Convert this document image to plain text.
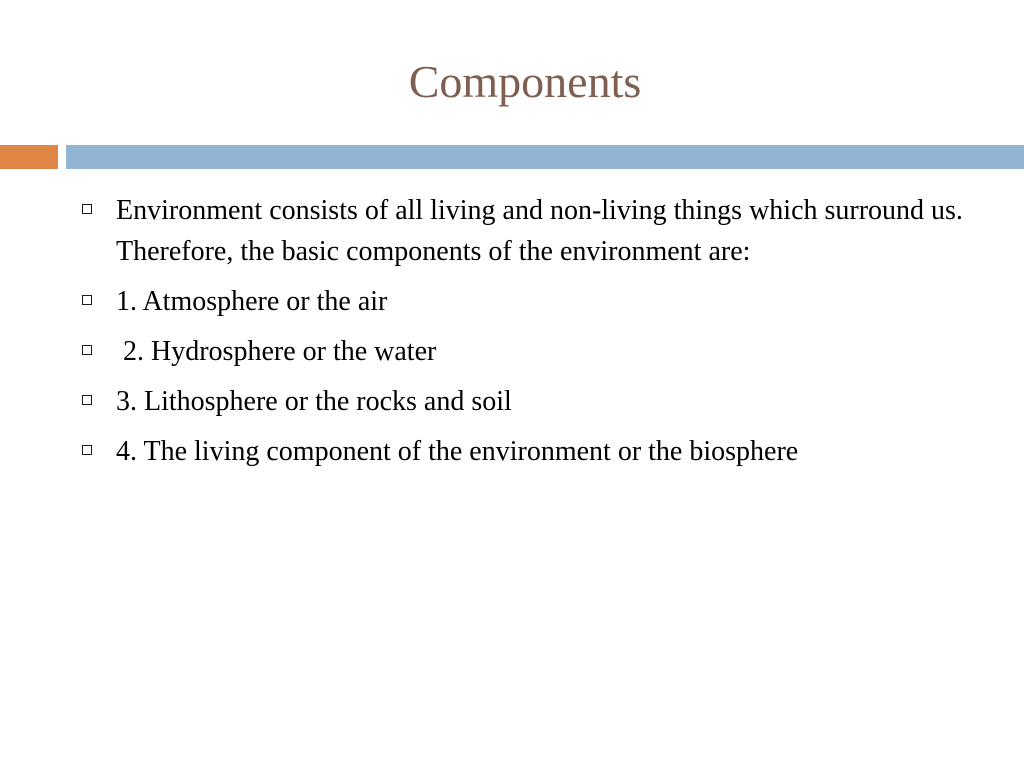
Components
Environment consists of all living and non-living things which surround us. Therefore, the basic components of the environment are:
1. Atmosphere or the air
2. Hydrosphere or the water
3. Lithosphere or the rocks and soil
4. The living component of the environment or the biosphere
